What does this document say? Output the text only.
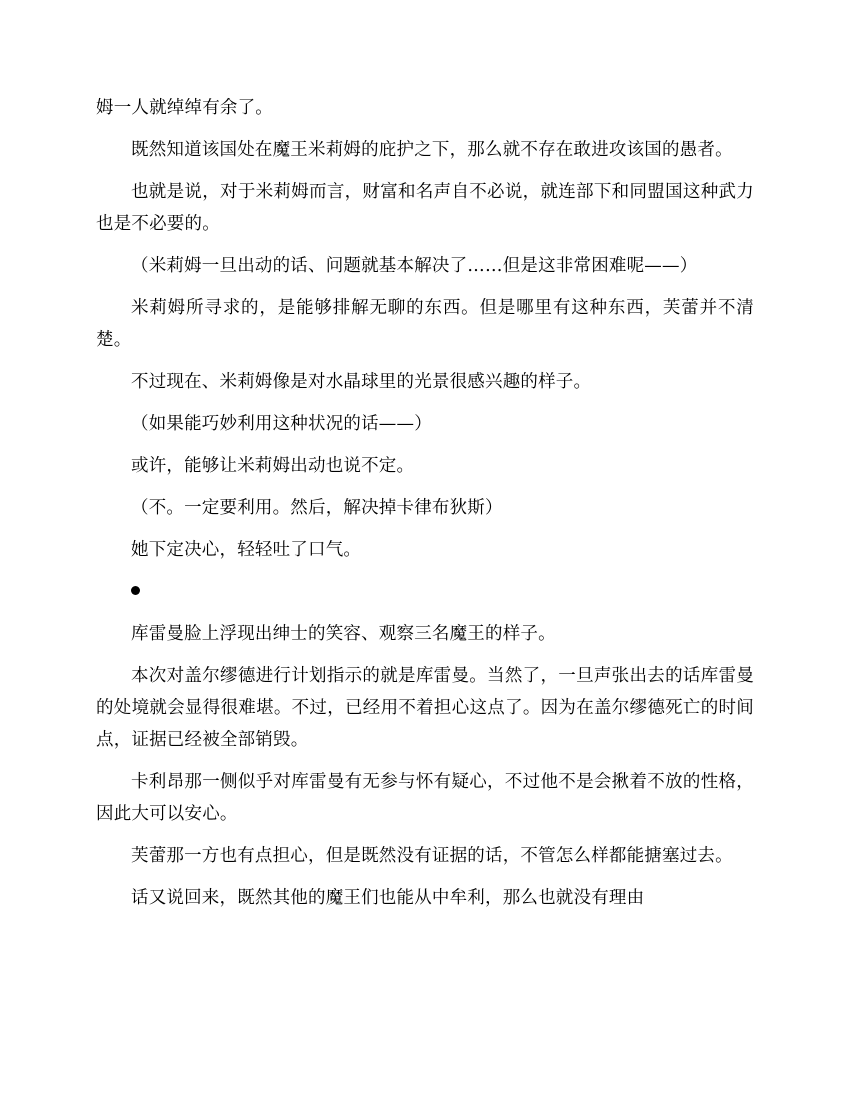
姆一人就绰绰有余了。

既然知道该国处在魔王米莉姆的庇护之下，那么就不存在敢进攻该国的愚者。

也就是说，对于米莉姆而言，财富和名声自不必说，就连部下和同盟国这种武力也是不必要的。

（米莉姆一旦出动的话、问题就基本解决了……但是这非常困难呢——）

米莉姆所寻求的，是能够排解无聊的东西。但是哪里有这种东西，芙蕾并不清楚。

不过现在、米莉姆像是对水晶球里的光景很感兴趣的样子。

（如果能巧妙利用这种状况的话——）

或许，能够让米莉姆出动也说不定。

（不。一定要利用。然后，解决掉卡律布狄斯）

她下定决心，轻轻吐了口气。

库雷曼脸上浮现出绅士的笑容、观察三名魔王的样子。

本次对盖尔缪德进行计划指示的就是库雷曼。当然了，一旦声张出去的话库雷曼的处境就会显得很难堪。不过，已经用不着担心这点了。因为在盖尔缪德死亡的时间点，证据已经被全部销毁。

卡利昂那一侧似乎对库雷曼有无参与怀有疑心，不过他不是会揪着不放的性格，因此大可以安心。

芙蕾那一方也有点担心，但是既然没有证据的话，不管怎么样都能搪塞过去。

话又说回来，既然其他的魔王们也能从中牟利，那么也就没有理由
